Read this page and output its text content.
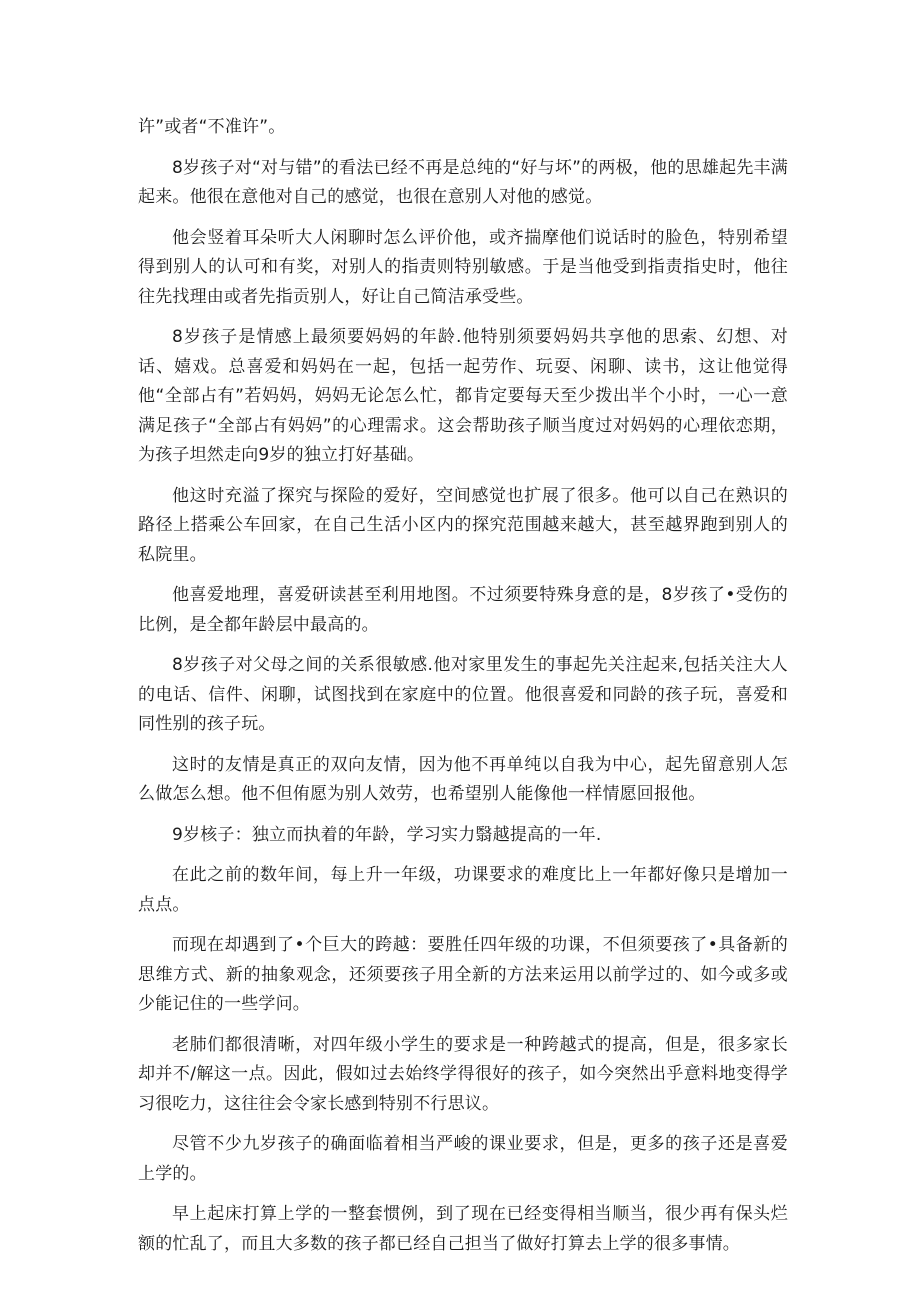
许”或者“不准许”。

8岁孩子对“对与错”的看法已经不再是总纯的“好与坏”的两极，他的思雄起先丰满起来。他很在意他对自己的感觉，也很在意别人对他的感觉。

他会竖着耳朵听大人闲聊时怎么评价他，或齐揣摩他们说话时的脸色，特别希望得到别人的认可和有奖，对别人的指责则特别敏感。于是当他受到指责指史时，他往往先找理由或者先指贡别人，好让自己简洁承受些。

8岁孩子是情感上最须要妈妈的年龄.他特别须要妈妈共享他的思索、幻想、对话、嬉戏。总喜爱和妈妈在一起，包括一起劳作、玩耍、闲聊、读书，这让他觉得他“全部占有”若妈妈，妈妈无论怎么忙，都肯定要每天至少拨出半个小时，一心一意满足孩子“全部占有妈妈”的心理需求。这会帮助孩子顺当度过对妈妈的心理依恋期，为孩子坦然走向9岁的独立打好基础。

他这时充溢了探究与探险的爱好，空间感觉也扩展了很多。他可以自己在熟识的路径上搭乘公车回家，在自己生活小区内的探究范围越来越大，甚至越界跑到别人的私院里。

他喜爱地理，喜爱研读甚至利用地图。不过须要特殊身意的是，8岁孩了•受伤的比例，是全都年龄层中最高的。

8岁孩子对父母之间的关系很敏感.他对家里发生的事起先关注起来,包括关注大人的电话、信件、闲聊，试图找到在家庭中的位置。他很喜爱和同龄的孩子玩，喜爱和同性别的孩子玩。

这时的友情是真正的双向友情，因为他不再单纯以自我为中心，起先留意别人怎么做怎么想。他不但侑愿为别人效劳，也希望别人能像他一样情愿回报他。

9岁核子：独立而执着的年龄，学习实力翳越提高的一年.

在此之前的数年间，每上升一年级，功课要求的难度比上一年都好像只是增加一点点。

而现在却遇到了•个巨大的跨越：要胜任四年级的功课，不但须要孩了•具备新的思维方式、新的抽象观念，还须要孩子用全新的方法来运用以前学过的、如今或多或少能记住的一些学问。

老肺们都很清晰，对四年级小学生的要求是一种跨越式的提高，但是，很多家长却并不/解这一点。因此，假如过去始终学得很好的孩子，如今突然出乎意料地变得学习很吃力，这往往会令家长感到特别不行思议。

尽管不少九岁孩子的确面临着相当严峻的课业要求，但是，更多的孩子还是喜爱上学的。

早上起床打算上学的一整套惯例，到了现在已经变得相当顺当，很少再有保头烂额的忙乱了，而且大多数的孩子都已经自己担当了做好打算去上学的很多事情。
